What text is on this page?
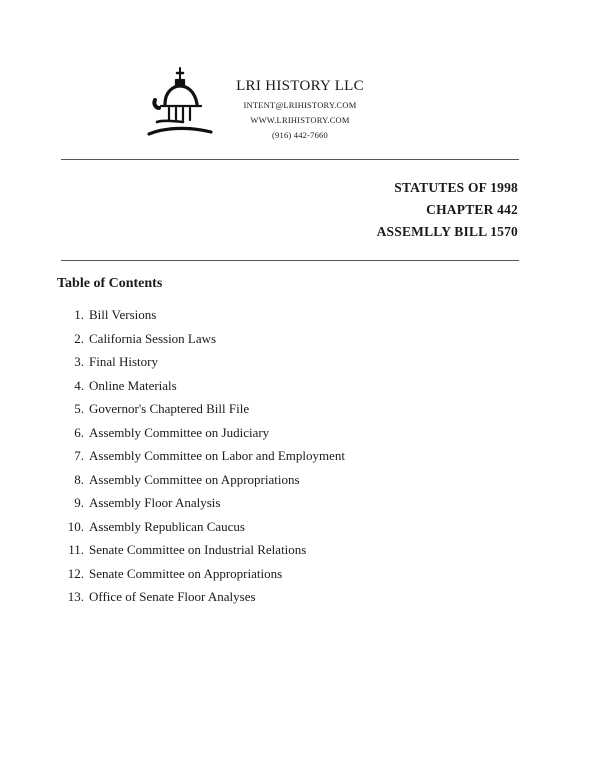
LRI HISTORY LLC
INTENT@LRIHISTORY.COM
WWW.LRIHISTORY.COM
(916) 442-7660
STATUTES OF 1998
CHAPTER 442
ASSEMLLY BILL 1570
Table of Contents
1. Bill Versions
2. California Session Laws
3. Final History
4. Online Materials
5. Governor's Chaptered Bill File
6. Assembly Committee on Judiciary
7. Assembly Committee on Labor and Employment
8. Assembly Committee on Appropriations
9. Assembly Floor Analysis
10. Assembly Republican Caucus
11. Senate Committee on Industrial Relations
12. Senate Committee on Appropriations
13. Office of Senate Floor Analyses
